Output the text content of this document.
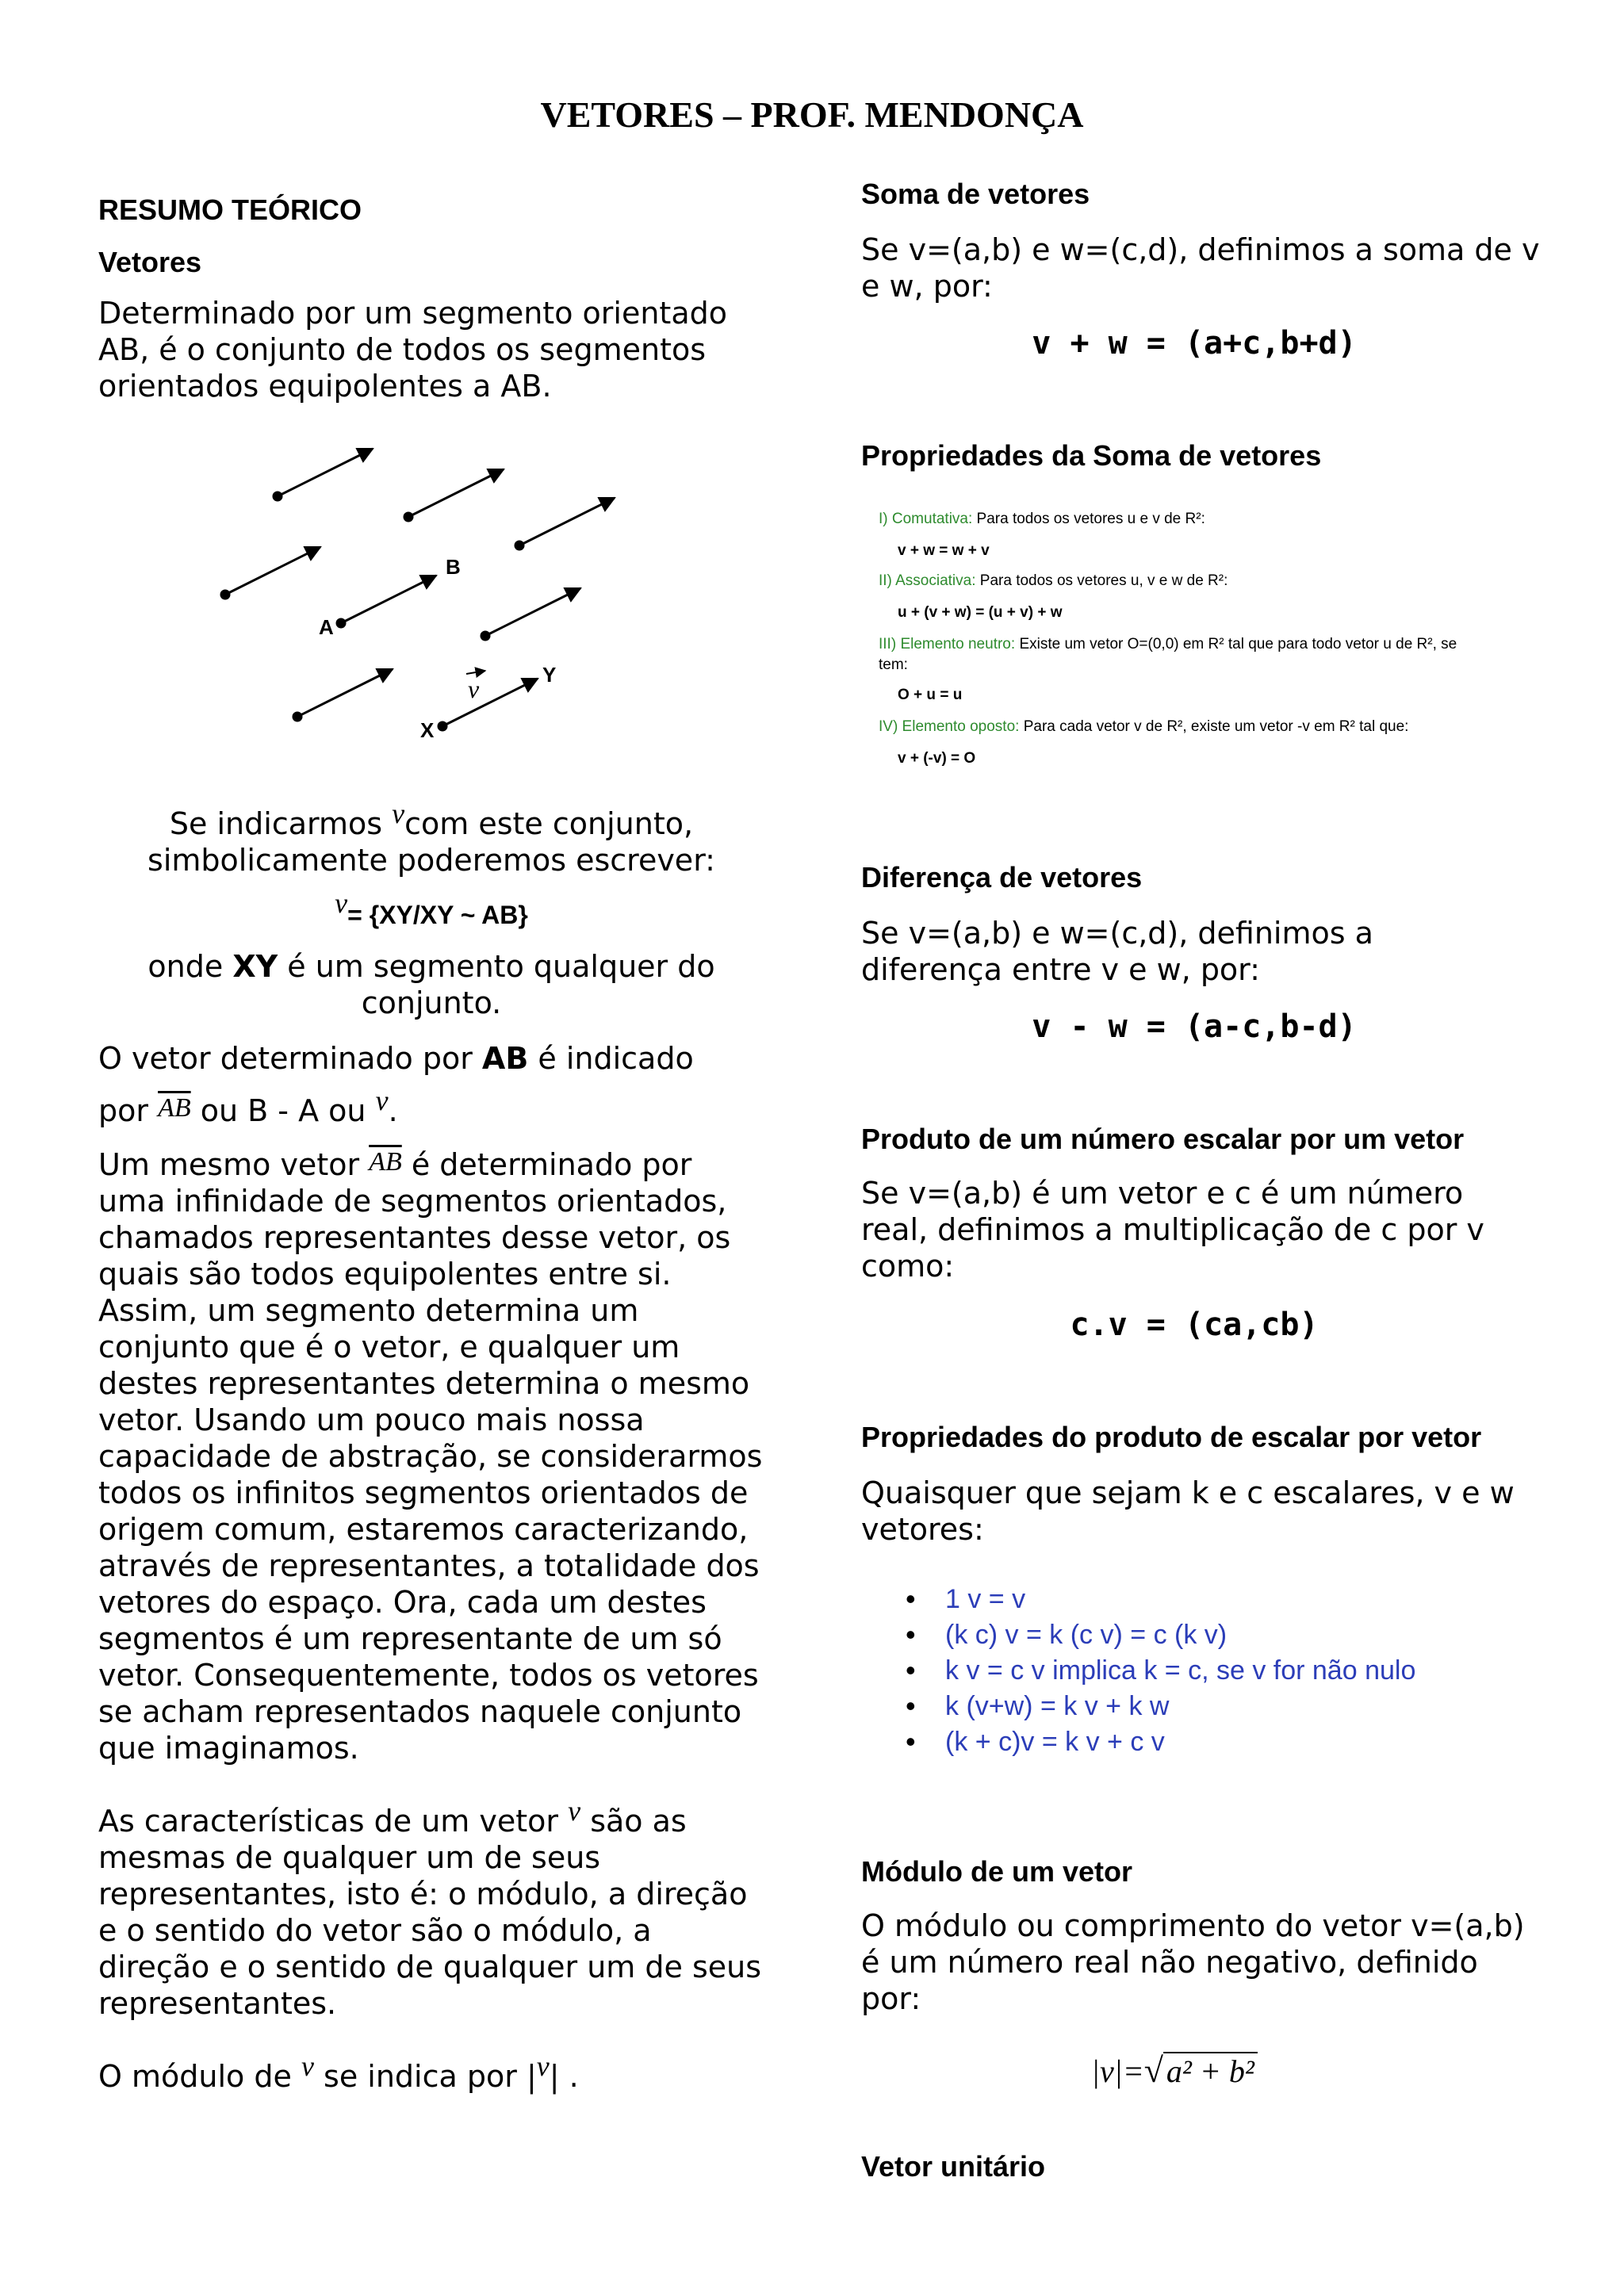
VETORES – PROF. MENDONÇA

RESUMO TEÓRICO

Vetores

Determinado por um segmento orientado AB, é o conjunto de todos os segmentos orientados equipolentes a AB.

B
A
Y
X
v

Se indicarmos vcom este conjunto,

simbolicamente poderemos escrever:

v= {XY/XY ~ AB}

onde XY é um segmento qualquer do

conjunto.

O vetor determinado por AB é indicado

por $\overline{AB}$ ou B - A ou v.

Um mesmo vetor $\overline{AB}$ é determinado por

uma infinidade de segmentos orientados,
chamados representantes desse vetor, os
quais são todos equipolentes entre si.
Assim, um segmento determina um
conjunto que é o vetor, e qualquer um
destes representantes determina o mesmo
vetor. Usando um pouco mais nossa
capacidade de abstração, se considerarmos
todos os infinitos segmentos orientados de
origem comum, estaremos caracterizando,
através de representantes, a totalidade dos
vetores do espaço. Ora, cada um destes
segmentos é um representante de um só
vetor. Consequentemente, todos os vetores
se acham representados naquele conjunto
que imaginamos.

As características de um vetor v são as

mesmas de qualquer um de seus
representantes, isto é: o módulo, a direção
e o sentido do vetor são o módulo, a
direção e o sentido de qualquer um de seus
representantes.

O módulo de v se indica por |v| .

Soma de vetores

Se v=(a,b) e w=(c,d), definimos a soma de v e w, por:

v + w = (a+c,b+d)

Propriedades da Soma de vetores

I) Comutativa: Para todos os vetores u e v de R²:
v + w = w + v
II) Associativa: Para todos os vetores u, v e w de R²:
u + (v + w) = (u + v) + w
III) Elemento neutro: Existe um vetor O=(0,0) em R² tal que para todo vetor u de R², se
tem:
O + u = u
IV) Elemento oposto: Para cada vetor v de R², existe um vetor -v em R² tal que:
v + (-v) = O

Diferença de vetores

Se v=(a,b) e w=(c,d), definimos a diferença entre v e w, por:

v - w = (a-c,b-d)

Produto de um número escalar por um vetor

Se v=(a,b) é um vetor e c é um número real, definimos a multiplicação de c por v como:

c.v = (ca,cb)

Propriedades do produto de escalar por vetor

Quaisquer que sejam k e c escalares, v e w vetores:

• 1 v = v
• (k c) v = k (c v) = c (k v)
• k v = c v implica k = c, se v for não nulo
• k (v+w) = k v + k w
• (k + c)v = k v + c v

Módulo de um vetor

O módulo ou comprimento do vetor v=(a,b) é um número real não negativo, definido por:

|v|=√ a² + b²

Vetor unitário
